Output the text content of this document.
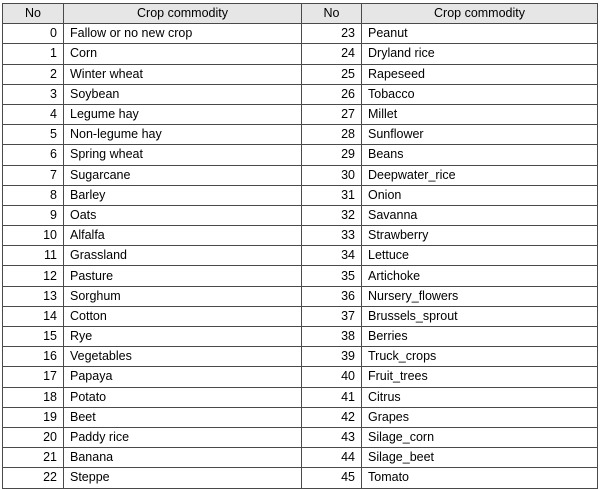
No	Crop commodity	No	Crop commodity
0	Fallow or no new crop	23	Peanut
1	Corn	24	Dryland rice
2	Winter wheat	25	Rapeseed
3	Soybean	26	Tobacco
4	Legume hay	27	Millet
5	Non-legume hay	28	Sunflower
6	Spring wheat	29	Beans
7	Sugarcane	30	Deepwater_rice
8	Barley	31	Onion
9	Oats	32	Savanna
10	Alfalfa	33	Strawberry
11	Grassland	34	Lettuce
12	Pasture	35	Artichoke
13	Sorghum	36	Nursery_flowers
14	Cotton	37	Brussels_sprout
15	Rye	38	Berries
16	Vegetables	39	Truck_crops
17	Papaya	40	Fruit_trees
18	Potato	41	Citrus
19	Beet	42	Grapes
20	Paddy rice	43	Silage_corn
21	Banana	44	Silage_beet
22	Steppe	45	Tomato
